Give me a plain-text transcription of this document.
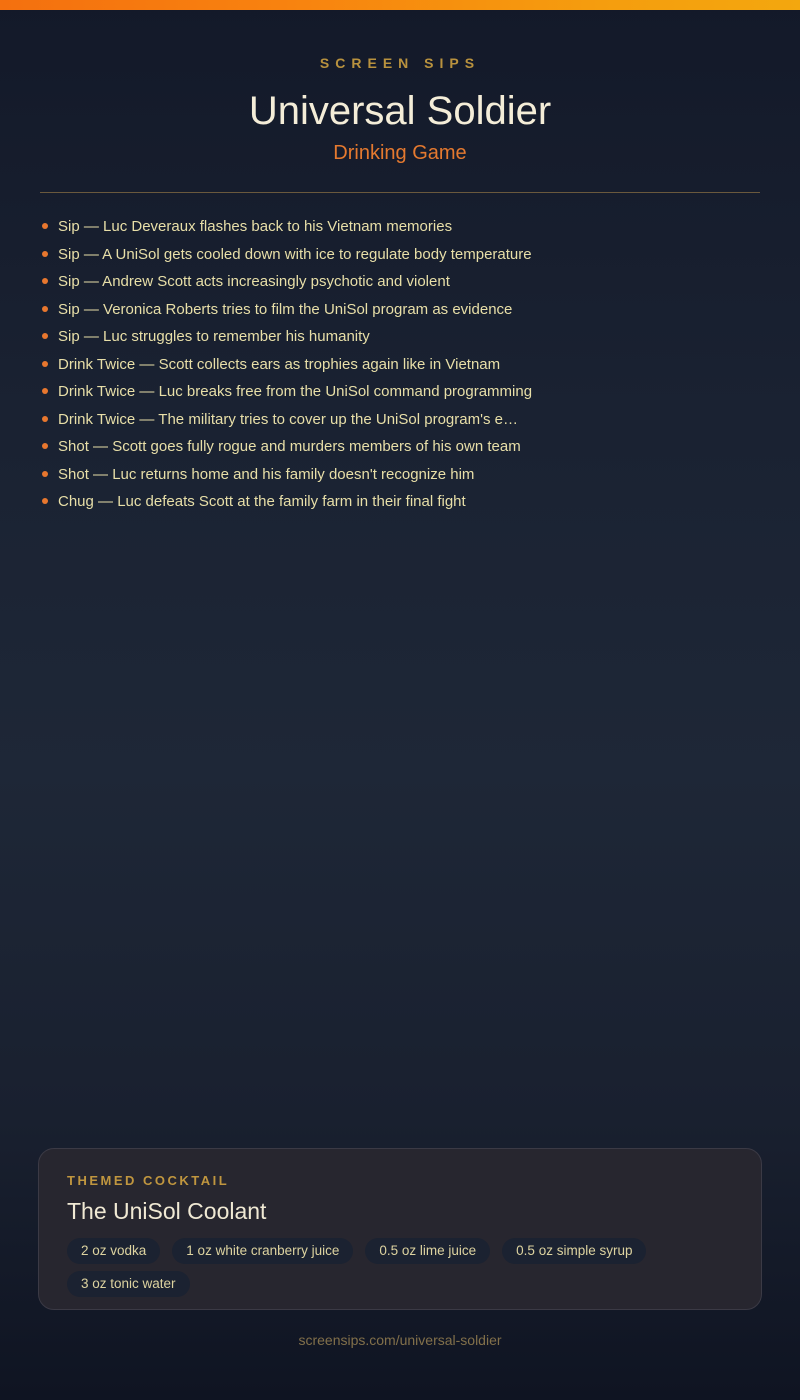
SCREEN SIPS
Universal Soldier
Drinking Game
Sip — Luc Deveraux flashes back to his Vietnam memories
Sip — A UniSol gets cooled down with ice to regulate body temperature
Sip — Andrew Scott acts increasingly psychotic and violent
Sip — Veronica Roberts tries to film the UniSol program as evidence
Sip — Luc struggles to remember his humanity
Drink Twice — Scott collects ears as trophies again like in Vietnam
Drink Twice — Luc breaks free from the UniSol command programming
Drink Twice — The military tries to cover up the UniSol program's e…
Shot — Scott goes fully rogue and murders members of his own team
Shot — Luc returns home and his family doesn't recognize him
Chug — Luc defeats Scott at the family farm in their final fight
THEMED COCKTAIL
The UniSol Coolant
2 oz vodka	1 oz white cranberry juice	0.5 oz lime juice	0.5 oz simple syrup
3 oz tonic water
screensips.com/universal-soldier
